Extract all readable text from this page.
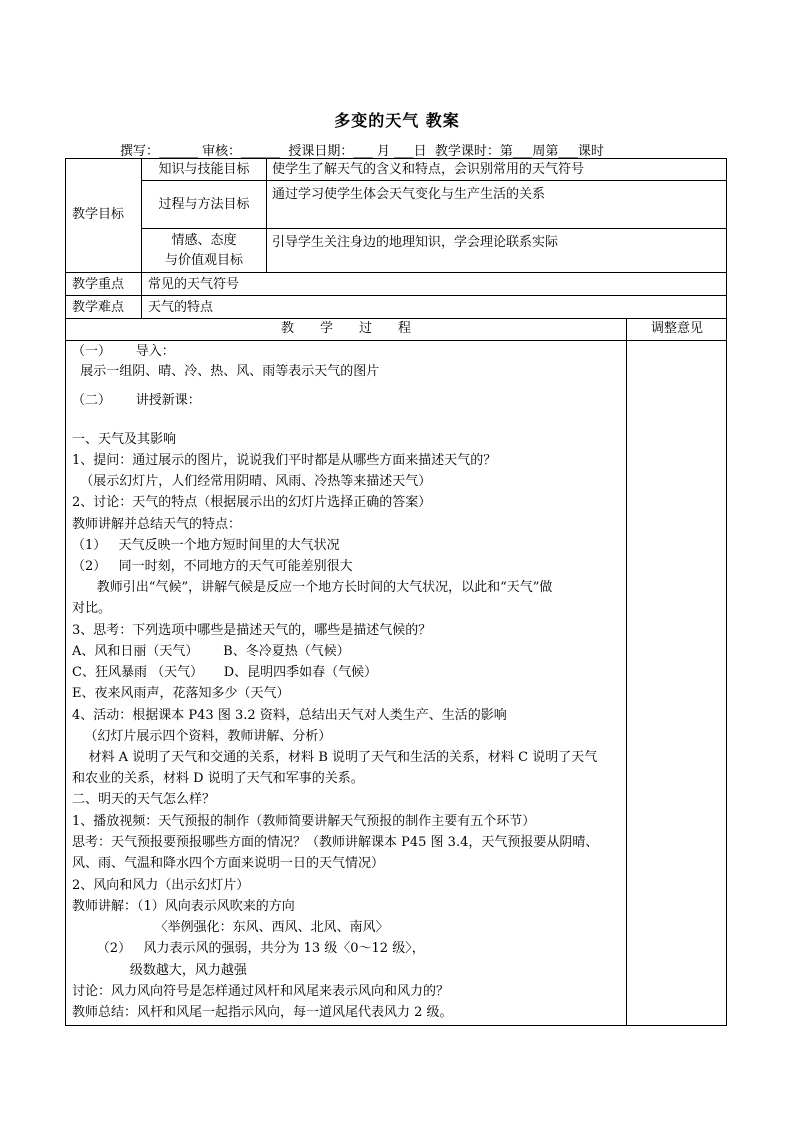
多变的天气 教案
撰写：______ 审核：______  授课日期：___ 月 ___日  教学课时：第___周第___课时
教学目标
知识与技能目标	使学生了解天气的含义和特点，会识别常用的天气符号
过程与方法目标
通过学习使学生体会天气变化与生产生活的关系
情感、态度
与价值观目标
引导学生关注身边的地理知识，学会理论联系实际
教学重点 常见的天气符号
教学难点 天气的特点
教　　学　　过　　程	调整意见
（一）      导入：
展示一组阴、晴、冷、热、风、雨等表示天气的图片
（二）      讲授新课：
一、天气及其影响
1、提问：通过展示的图片，说说我们平时都是从哪些方面来描述天气的？
（展示幻灯片，人们经常用阴晴、风雨、冷热等来描述天气）
2、讨论：天气的特点（根据展示出的幻灯片选择正确的答案）
教师讲解并总结天气的特点：
（1）   天气反映一个地方短时间里的大气状况
（2）   同一时刻，不同地方的天气可能差别很大
教师引出“气候”，讲解气候是反应一个地方长时间的大气状况，以此和“天气”做
对比。
3、思考：下列选项中哪些是描述天气的，哪些是描述气候的？
A、风和日丽（天气）      B、冬冷夏热（气候）
C、狂风暴雨 （天气）     D、昆明四季如春（气候）
E、夜来风雨声，花落知多少（天气）
4、活动：根据课本 P43 图 3.2 资料，总结出天气对人类生产、生活的影响
（幻灯片展示四个资料，教师讲解、分析）
材料 A 说明了天气和交通的关系，材料 B 说明了天气和生活的关系，材料 C 说明了天气
和农业的关系，材料 D 说明了天气和军事的关系。
二、明天的天气怎么样？
1、播放视频：天气预报的制作（教师简要讲解天气预报的制作主要有五个环节）
思考：天气预报要预报哪些方面的情况？（教师讲解课本 P45 图 3.4，天气预报要从阴晴、
风、雨、气温和降水四个方面来说明一日的天气情况）
2、风向和风力（出示幻灯片）
教师讲解：（1）风向表示风吹来的方向
〈举例强化：东风、西风、北风、南风〉
（2）   风力表示风的强弱，共分为 13 级〈0～12 级〉，
级数越大，风力越强
讨论：风力风向符号是怎样通过风杆和风尾来表示风向和风力的？
教师总结：风杆和风尾一起指示风向，每一道风尾代表风力 2 级。
